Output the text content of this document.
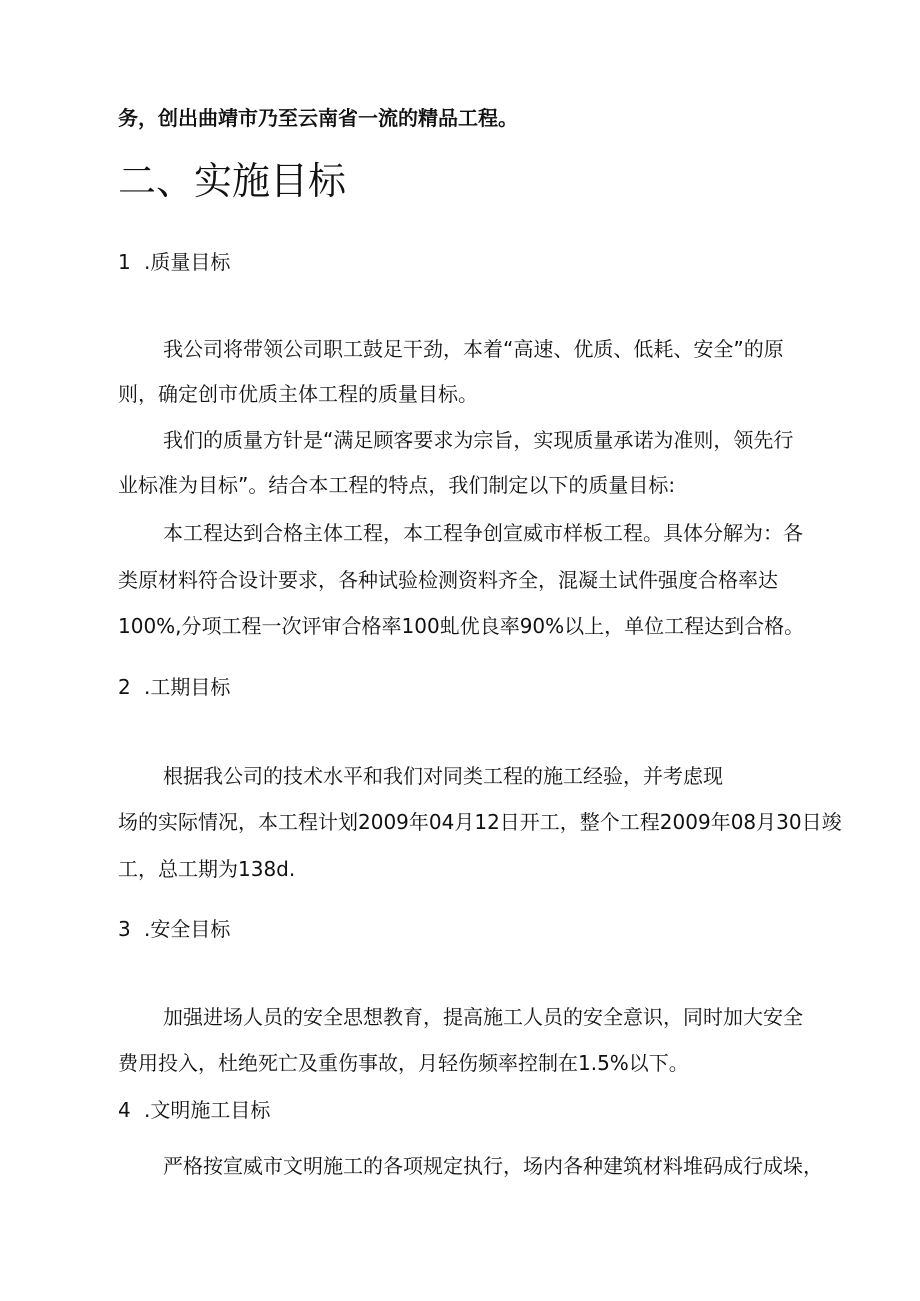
务，创出曲靖市乃至云南省一流的精品工程。
二、实施目标
1 .质量目标
我公司将带领公司职工鼓足干劲，本着“高速、优质、低耗、安全”的原
则，确定创市优质主体工程的质量目标。
我们的质量方针是“满足顾客要求为宗旨，实现质量承诺为准则，领先行
业标准为目标”。结合本工程的特点，我们制定以下的质量目标:
本工程达到合格主体工程，本工程争创宣威市样板工程。具体分解为：各
类原材料符合设计要求，各种试验检测资料齐全，混凝土试件强度合格率达
100%,分项工程一次评审合格率100虬优良率90%以上，单位工程达到合格。
2 .工期目标
根据我公司的技术水平和我们对同类工程的施工经验，并考虑现
场的实际情况，本工程计划2009年04月12日开工，整个工程2009年08月30日竣
工，总工期为138d.
3 .安全目标
加强进场人员的安全思想教育，提高施工人员的安全意识，同时加大安全
费用投入，杜绝死亡及重伤事故，月轻伤频率控制在1.5%以下。
4 .文明施工目标
严格按宣威市文明施工的各项规定执行，场内各种建筑材料堆码成行成垛，
